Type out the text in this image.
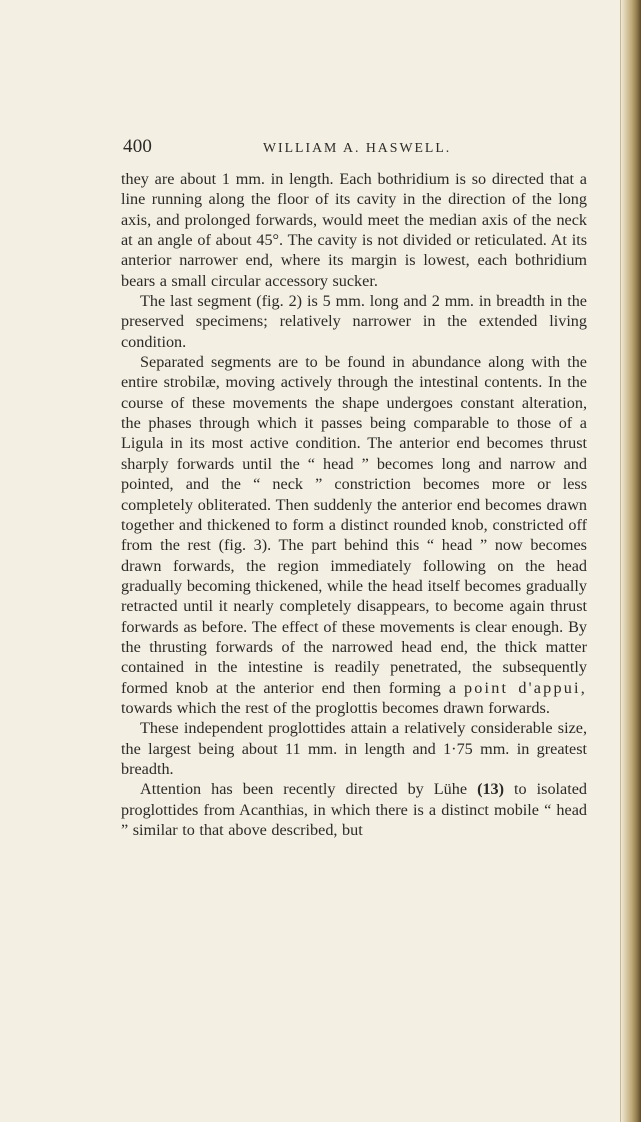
400	WILLIAM A. HASWELL.

they are about 1 mm. in length. Each bothridium is so directed that a line running along the floor of its cavity in the direction of the long axis, and prolonged forwards, would meet the median axis of the neck at an angle of about 45°. The cavity is not divided or reticulated. At its anterior narrower end, where its margin is lowest, each bothridium bears a small circular accessory sucker.

The last segment (fig. 2) is 5 mm. long and 2 mm. in breadth in the preserved specimens; relatively narrower in the extended living condition.

Separated segments are to be found in abundance along with the entire strobilæ, moving actively through the intestinal contents. In the course of these movements the shape undergoes constant alteration, the phases through which it passes being comparable to those of a Ligula in its most active condition. The anterior end becomes thrust sharply forwards until the “ head ” becomes long and narrow and pointed, and the “ neck ” constriction becomes more or less completely obliterated. Then suddenly the anterior end becomes drawn together and thickened to form a distinct rounded knob, constricted off from the rest (fig. 3). The part behind this “ head ” now becomes drawn forwards, the region immediately following on the head gradually becoming thickened, while the head itself becomes gradually retracted until it nearly completely disappears, to become again thrust forwards as before. The effect of these movements is clear enough. By the thrusting forwards of the narrowed head end, the thick matter contained in the intestine is readily penetrated, the subsequently formed knob at the anterior end then forming a point d'appui, towards which the rest of the proglottis becomes drawn forwards.

These independent proglottides attain a relatively considerable size, the largest being about 11 mm. in length and 1·75 mm. in greatest breadth.

Attention has been recently directed by Lühe (13) to isolated proglottides from Acanthias, in which there is a distinct mobile “ head ” similar to that above described, but
